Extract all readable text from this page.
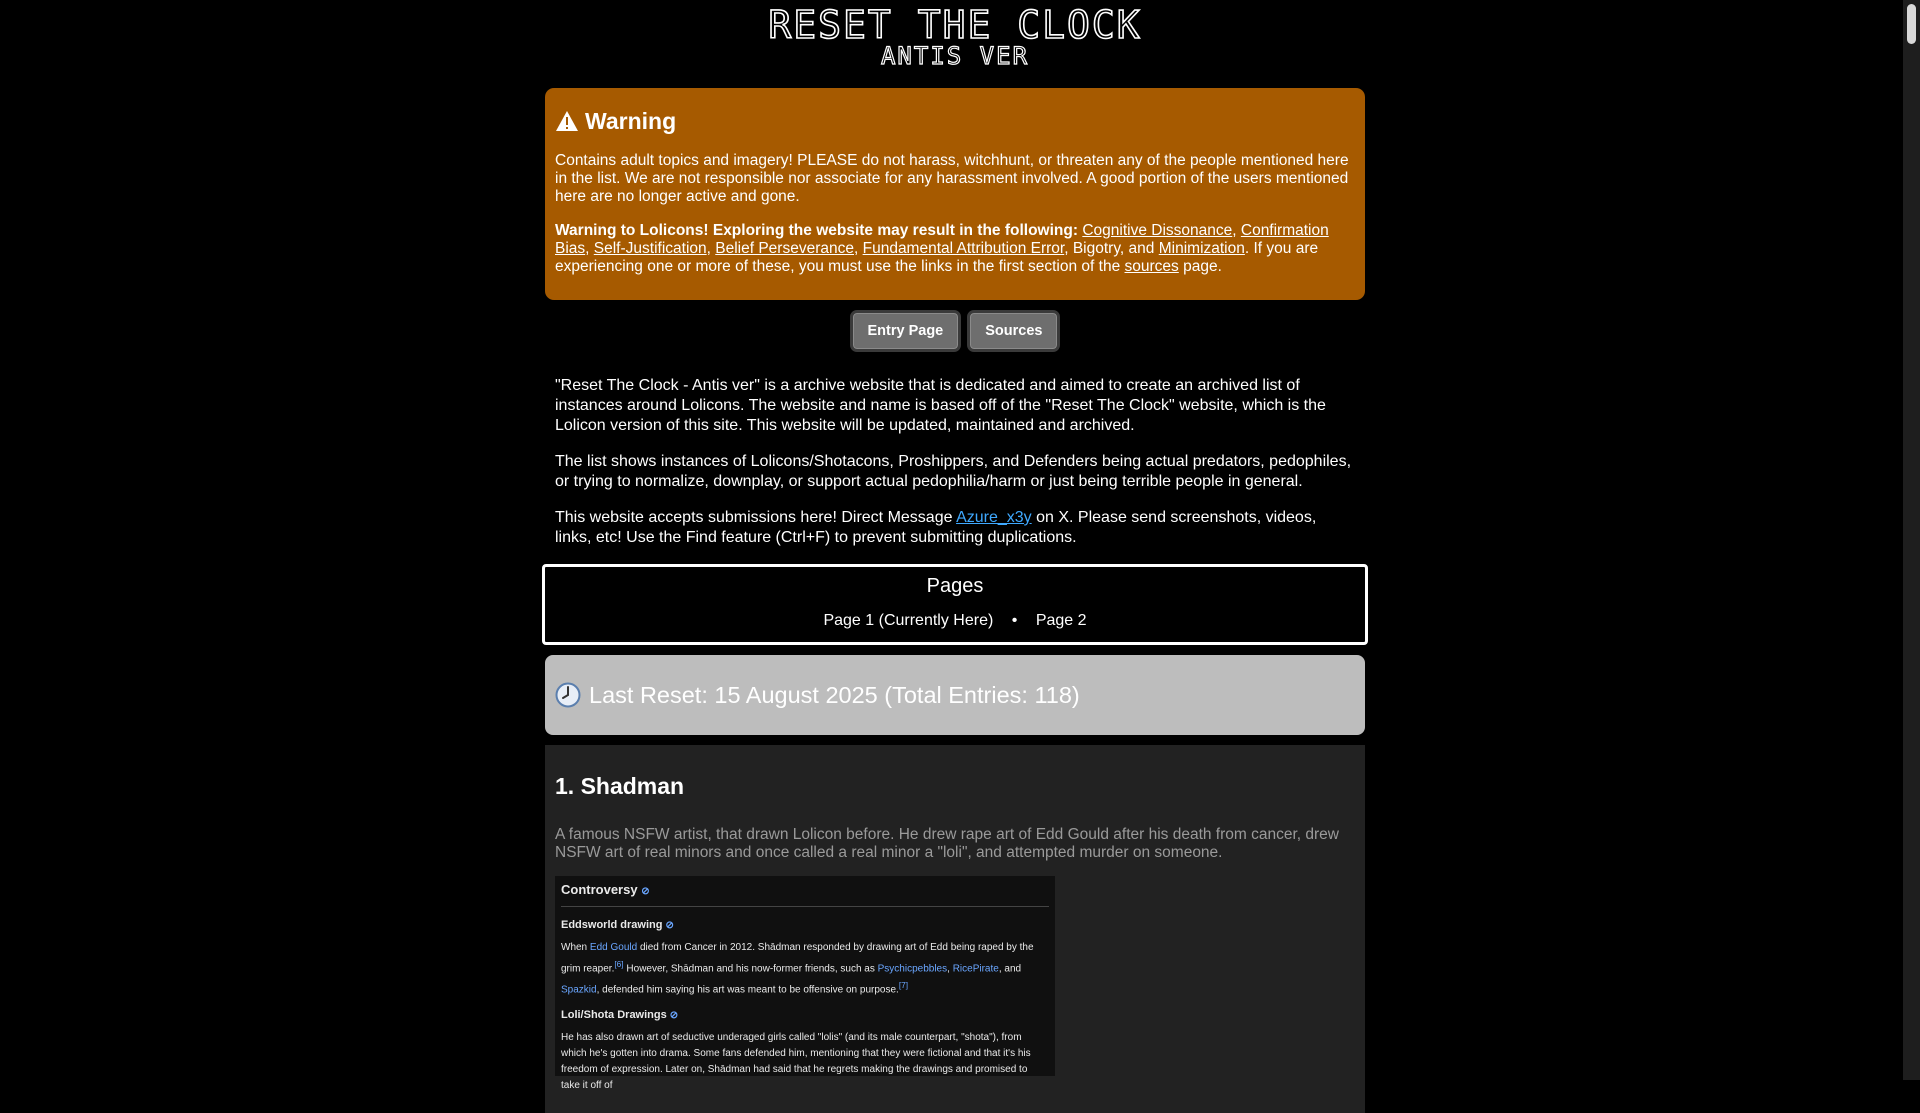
RESET THE CLOCK
ANTIS VER
Warning

Contains adult topics and imagery! PLEASE do not harass, witchhunt, or threaten any of the people mentioned here in the list. We are not responsible nor associate for any harassment involved. A good portion of the users mentioned here are no longer active and gone.

Warning to Lolicons! Exploring the website may result in the following: Cognitive Dissonance, Confirmation Bias, Self-Justification, Belief Perseverance, Fundamental Attribution Error, Bigotry, and Minimization. If you are experiencing one or more of these, you must use the links in the first section of the sources page.

Entry Page	Sources

"Reset The Clock - Antis ver" is a archive website that is dedicated and aimed to create an archived list of instances around Lolicons. The website and name is based off of the "Reset The Clock" website, which is the Lolicon version of this site. This website will be updated, maintained and archived.

The list shows instances of Lolicons/Shotacons, Proshippers, and Defenders being actual predators, pedophiles, or trying to normalize, downplay, or support actual pedophilia/harm or just being terrible people in general.

This website accepts submissions here! Direct Message Azure_x3y on X. Please send screenshots, videos, links, etc! Use the Find feature (Ctrl+F) to prevent submitting duplications.

Pages
Page 1 (Currently Here) • Page 2
Last Reset: 15 August 2025 (Total Entries: 118)
1. Shadman

A famous NSFW artist, that drawn Lolicon before. He drew rape art of Edd Gould after his death from cancer, drew NSFW art of real minors and once called a real minor a "loli", and attempted murder on someone.

Controversy ⊘
Eddsworld drawing ⊘
When Edd Gould died from Cancer in 2012. Shādman responded by drawing art of Edd being raped by the grim reaper.[6] However, Shādman and his now-former friends, such as Psychicpebbles, RicePirate, and Spazkid, defended him saying his art was meant to be offensive on purpose.[7]
Loli/Shota Drawings ⊘
He has also drawn art of seductive underaged girls called "lolis" (and its male counterpart, "shota"), from which he's gotten into drama. Some fans defended him, mentioning that they were fictional and that it's his freedom of expression. Later on, Shādman had said that he regrets making the drawings and promised to take it off of
